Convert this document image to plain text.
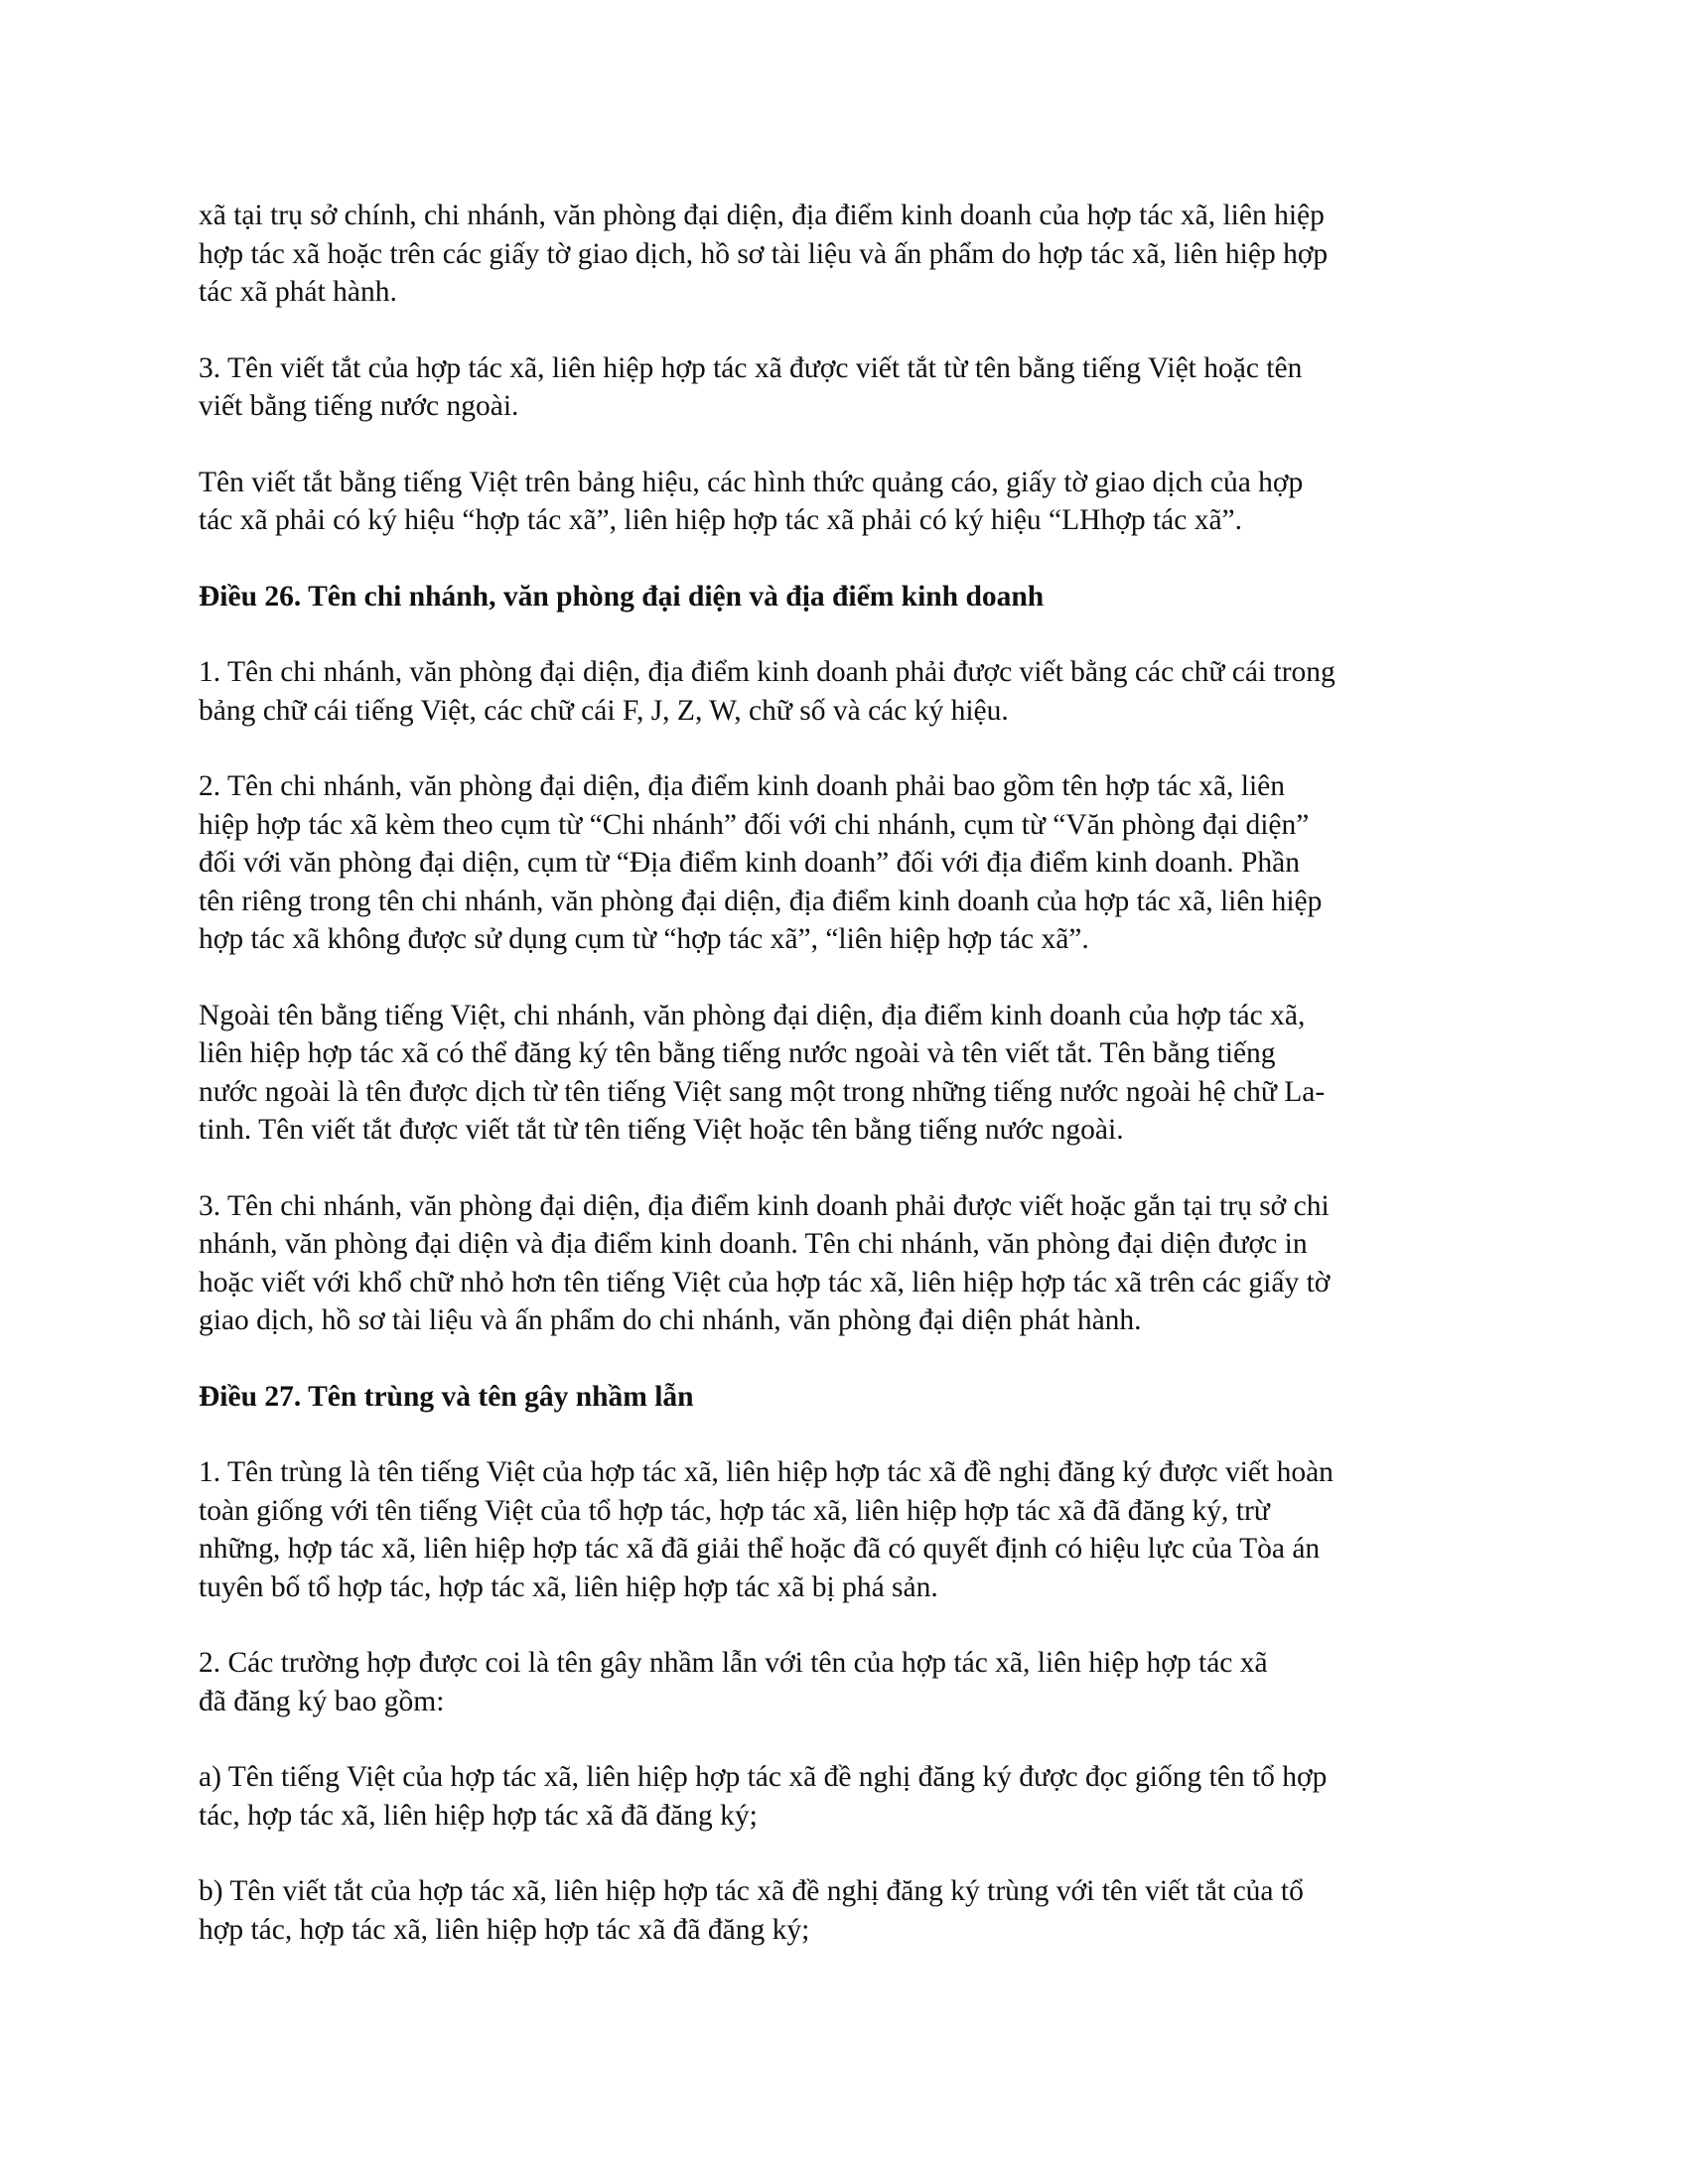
xã tại trụ sở chính, chi nhánh, văn phòng đại diện, địa điểm kinh doanh của hợp tác xã, liên hiệp
hợp tác xã hoặc trên các giấy tờ giao dịch, hồ sơ tài liệu và ấn phẩm do hợp tác xã, liên hiệp hợp
tác xã phát hành.

3. Tên viết tắt của hợp tác xã, liên hiệp hợp tác xã được viết tắt từ tên bằng tiếng Việt hoặc tên
viết bằng tiếng nước ngoài.

Tên viết tắt bằng tiếng Việt trên bảng hiệu, các hình thức quảng cáo, giấy tờ giao dịch của hợp
tác xã phải có ký hiệu “hợp tác xã”, liên hiệp hợp tác xã phải có ký hiệu “LHhợp tác xã”.

Điều 26. Tên chi nhánh, văn phòng đại diện và địa điểm kinh doanh

1. Tên chi nhánh, văn phòng đại diện, địa điểm kinh doanh phải được viết bằng các chữ cái trong
bảng chữ cái tiếng Việt, các chữ cái F, J, Z, W, chữ số và các ký hiệu.

2. Tên chi nhánh, văn phòng đại diện, địa điểm kinh doanh phải bao gồm tên hợp tác xã, liên
hiệp hợp tác xã kèm theo cụm từ “Chi nhánh” đối với chi nhánh, cụm từ “Văn phòng đại diện”
đối với văn phòng đại diện, cụm từ “Địa điểm kinh doanh” đối với địa điểm kinh doanh. Phần
tên riêng trong tên chi nhánh, văn phòng đại diện, địa điểm kinh doanh của hợp tác xã, liên hiệp
hợp tác xã không được sử dụng cụm từ “hợp tác xã”, “liên hiệp hợp tác xã”.

Ngoài tên bằng tiếng Việt, chi nhánh, văn phòng đại diện, địa điểm kinh doanh của hợp tác xã,
liên hiệp hợp tác xã có thể đăng ký tên bằng tiếng nước ngoài và tên viết tắt. Tên bằng tiếng
nước ngoài là tên được dịch từ tên tiếng Việt sang một trong những tiếng nước ngoài hệ chữ La-
tinh. Tên viết tắt được viết tắt từ tên tiếng Việt hoặc tên bằng tiếng nước ngoài.

3. Tên chi nhánh, văn phòng đại diện, địa điểm kinh doanh phải được viết hoặc gắn tại trụ sở chi
nhánh, văn phòng đại diện và địa điểm kinh doanh. Tên chi nhánh, văn phòng đại diện được in
hoặc viết với khổ chữ nhỏ hơn tên tiếng Việt của hợp tác xã, liên hiệp hợp tác xã trên các giấy tờ
giao dịch, hồ sơ tài liệu và ấn phẩm do chi nhánh, văn phòng đại diện phát hành.

Điều 27. Tên trùng và tên gây nhầm lẫn

1. Tên trùng là tên tiếng Việt của hợp tác xã, liên hiệp hợp tác xã đề nghị đăng ký được viết hoàn
toàn giống với tên tiếng Việt của tổ hợp tác, hợp tác xã, liên hiệp hợp tác xã đã đăng ký, trừ
những, hợp tác xã, liên hiệp hợp tác xã đã giải thể hoặc đã có quyết định có hiệu lực của Tòa án
tuyên bố tổ hợp tác, hợp tác xã, liên hiệp hợp tác xã bị phá sản.

2. Các trường hợp được coi là tên gây nhầm lẫn với tên của hợp tác xã, liên hiệp hợp tác xã
đã đăng ký bao gồm:

a) Tên tiếng Việt của hợp tác xã, liên hiệp hợp tác xã đề nghị đăng ký được đọc giống tên tổ hợp
tác, hợp tác xã, liên hiệp hợp tác xã đã đăng ký;

b) Tên viết tắt của hợp tác xã, liên hiệp hợp tác xã đề nghị đăng ký trùng với tên viết tắt của tổ
hợp tác, hợp tác xã, liên hiệp hợp tác xã đã đăng ký;
